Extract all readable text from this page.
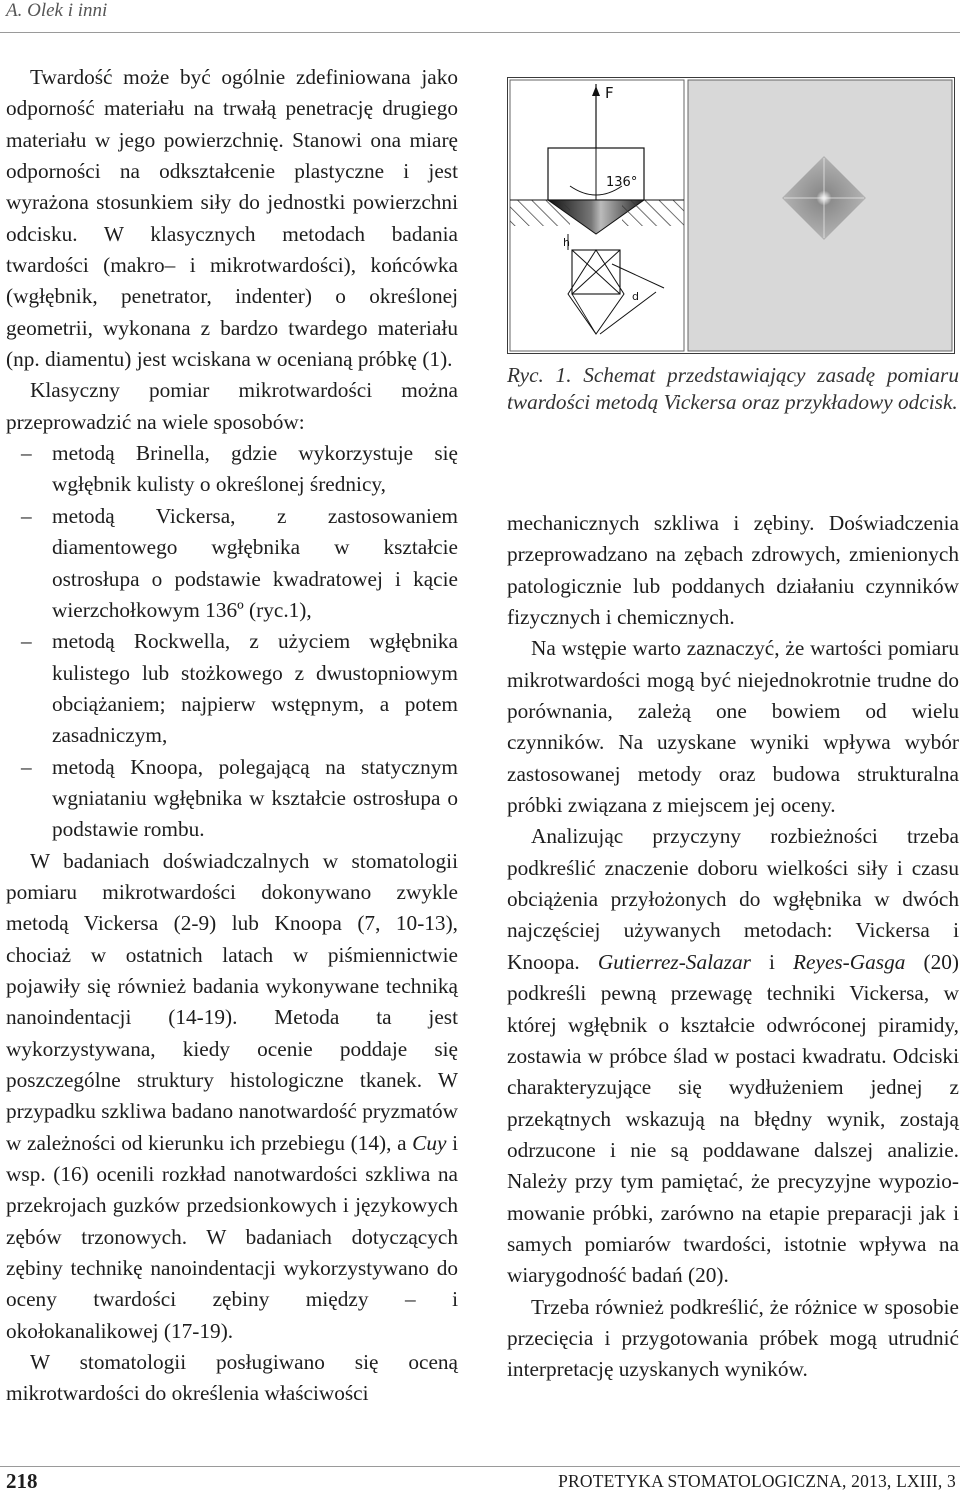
A. Olek i inni

Twardość może być ogólnie zdefiniowana jako odporność materiału na trwałą penetrację drugiego materiału w jego powierzchnię. Stanowi ona miarę odporności na odkształcenie plastyczne i jest wyrażona stosunkiem siły do jednostki powierzchni odcisku. W klasycznych metodach badania twardości (makro– i mikrotwardości), końcówka (wgłębnik, penetrator, indenter) o określonej geometrii, wykonana z bardzo twardego materiału (np. diamentu) jest wciskana w ocenianą próbkę (1).

Klasyczny pomiar mikrotwardości można przeprowadzić na wiele sposobów:

– metodą Brinella, gdzie wykorzystuje się wgłębnik kulisty o określonej średnicy,
– metodą Vickersa, z zastosowaniem diamentowego wgłębnika w kształcie ostrosłupa o podstawie kwadratowej i kącie wierzchołkowym 136º (ryc.1),
– metodą Rockwella, z użyciem wgłębnika kulistego lub stożkowego z dwustopniowym obciążaniem; najpierw wstępnym, a potem zasadniczym,
– metodą Knoopa, polegającą na statycznym wgniataniu wgłębnika w kształcie ostrosłupa o podstawie rombu.

W badaniach doświadczalnych w stomatologii pomiaru mikrotwardości dokonywano zwykle metodą Vickersa (2-9) lub Knoopa (7, 10-13), chociaż w ostatnich latach w piśmiennictwie pojawiły się również badania wykonywane techniką nanoindentacji (14-19). Metoda ta jest wykorzystywana, kiedy ocenie poddaje się poszczególne struktury histologiczne tkanek. W przypadku szkliwa badano nanotwardość pryzmatów w zależności od kierunku ich przebiegu (14), a Cuy i wsp. (16) ocenili rozkład nanotwardości szkliwa na przekrojach guzków przedsionkowych i językowych zębów trzonowych. W badaniach dotyczących zębiny technikę nanoindentacji wykorzystywano do oceny twardości zębiny między – i okołokanalikowej (17-19).

W stomatologii posługiwano się oceną mikrotwardości do określenia właściwości

F
136°
h
d
Ryc. 1. Schemat przedstawiający zasadę pomiaru twardości metodą Vickersa oraz przykładowy odcisk.

mechanicznych szkliwa i zębiny. Doświadczenia przeprowadzano na zębach zdrowych, zmienionych patologicznie lub poddanych działaniu czynników fizycznych i chemicznych.

Na wstępie warto zaznaczyć, że wartości pomiaru mikrotwardości mogą być niejednokrotnie trudne do porównania, zależą one bowiem od wielu czynników. Na uzyskane wyniki wpływa wybór zastosowanej metody oraz budowa strukturalna próbki związana z miejscem jej oceny.

Analizując przyczyny rozbieżności trzeba podkreślić znaczenie doboru wielkości siły i czasu obciążenia przyłożonych do wgłębnika w dwóch najczęściej używanych metodach: Vickersa i Knoopa. Gutierrez-Salazar i Reyes-Gasga (20) podkreśli pewną przewagę techniki Vickersa, w której wgłębnik o kształcie odwróconej piramidy, zostawia w próbce ślad w postaci kwadratu. Odciski charakteryzujące się wydłużeniem jednej z przekątnych wskazują na błędny wynik, zostają odrzucone i nie są poddawane dalszej analizie. Należy przy tym pamiętać, że precyzyjne wypoziomowanie próbki, zarówno na etapie preparacji jak i samych pomiarów twardości, istotnie wpływa na wiarygodność badań (20).

Trzeba również podkreślić, że różnice w sposobie przecięcia i przygotowania próbek mogą utrudnić interpretację uzyskanych wyników.

218	PROTETYKA STOMATOLOGICZNA, 2013, LXIII, 3
